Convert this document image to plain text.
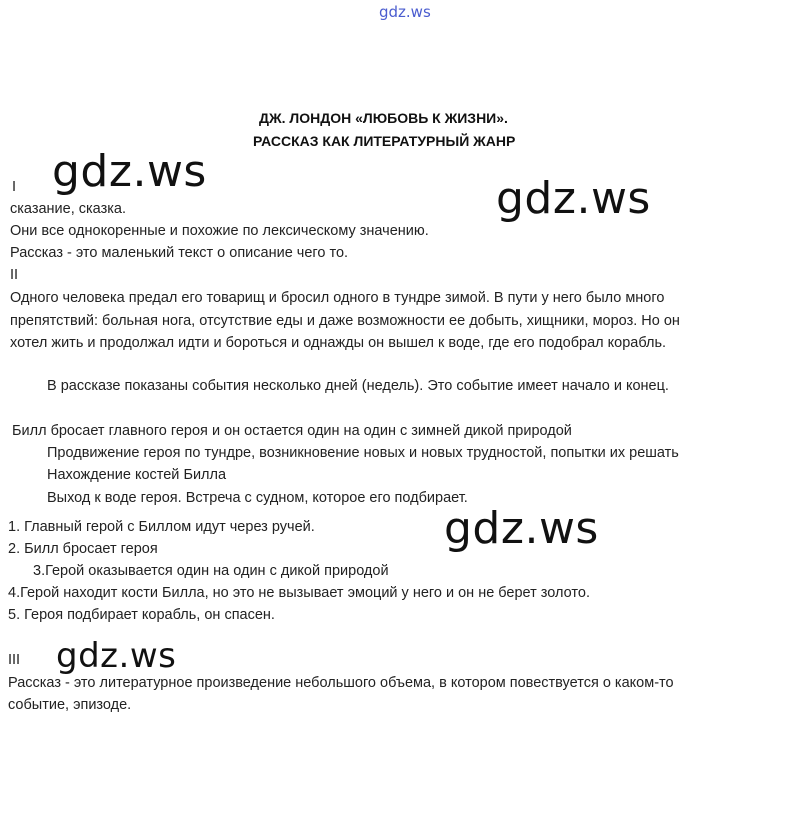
gdz.ws
ДЖ. ЛОНДОН «ЛЮБОВЬ К ЖИЗНИ».
РАССКАЗ КАК ЛИТЕРАТУРНЫЙ ЖАНР
I
сказание, сказка.
Они все однокоренные и похожие по лексическому значению.
Рассказ - это маленький текст о описание чего то.
II
Одного человека предал его товарищ и бросил одного в тундре зимой. В пути у него было много
препятствий: больная нога, отсутствие еды и даже возможности ее добыть, хищники, мороз. Но он
хотел жить и продолжал идти и бороться и однажды он вышел к воде, где его подобрал корабль.
В рассказе показаны события несколько дней (недель). Это событие имеет начало и конец.
Билл бросает главного героя и он остается один на один с зимней дикой природой
Продвижение героя по тундре, возникновение новых и новых трудностой, попытки их решать
Нахождение костей Билла
Выход к воде героя. Встреча с судном, которое его подбирает.
1. Главный герой с Биллом идут через ручей.
2. Билл бросает героя
3.Герой оказывается один на один с дикой природой
4.Герой находит кости Билла, но это не вызывает эмоций у него и он не берет золото.
5. Героя подбирает корабль, он спасен.
III
Рассказ - это литературное произведение небольшого объема, в котором повествуется о каком-то
событие, эпизоде.
gdz.ws
gdz.ws
gdz.ws
gdz.ws
